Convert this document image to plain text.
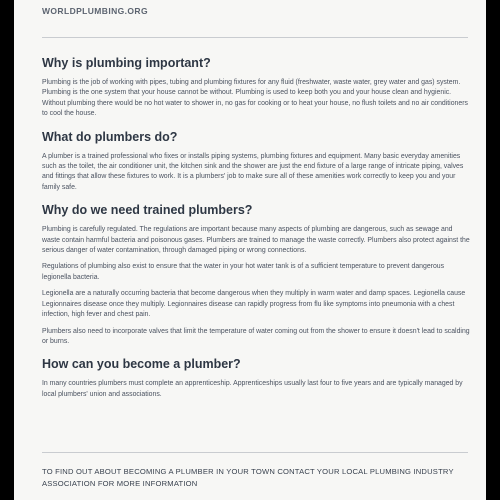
WORLDPLUMBING.ORG
Why is plumbing important?

Plumbing is the job of working with pipes, tubing and plumbing fixtures for any fluid (freshwater, waste water, grey water and gas) system. Plumbing is the one system that your house cannot be without. Plumbing is used to keep both you and your house clean and hygienic. Without plumbing there would be no hot water to shower in, no gas for cooking or to heat your house, no flush toilets and no air conditioners to cool the house.

What do plumbers do?

A plumber is a trained professional who fixes or installs piping systems, plumbing fixtures and equipment. Many basic everyday amenities such as the toilet, the air conditioner unit, the kitchen sink and the shower are just the end fixture of a large range of intricate piping, valves and fittings that allow these fixtures to work. It is a plumbers' job to make sure all of these amenities work correctly to keep you and your family safe.

Why do we need trained plumbers?

Plumbing is carefully regulated. The regulations are important because many aspects of plumbing are dangerous, such as sewage and waste contain harmful bacteria and poisonous gases. Plumbers are trained to manage the waste correctly. Plumbers also protect against the serious danger of water contamination, through damaged piping or wrong connections.

Regulations of plumbing also exist to ensure that the water in your hot water tank is of a sufficient temperature to prevent dangerous legionella bacteria.

Legionella are a naturally occurring bacteria that become dangerous when they multiply in warm water and damp spaces. Legionella cause Legionnaires disease once they multiply. Legionnaires disease can rapidly progress from flu like symptoms into pneumonia with a chest infection, high fever and chest pain.

Plumbers also need to incorporate valves that limit the temperature of water coming out from the shower to ensure it doesn't lead to scalding or burns.

How can you become a plumber?

In many countries plumbers must complete an apprenticeship. Apprenticeships usually last four to five years and are typically managed by local plumbers' union and associations.

TO FIND OUT ABOUT BECOMING A PLUMBER IN YOUR TOWN CONTACT YOUR LOCAL PLUMBING INDUSTRY ASSOCIATION FOR MORE INFORMATION
